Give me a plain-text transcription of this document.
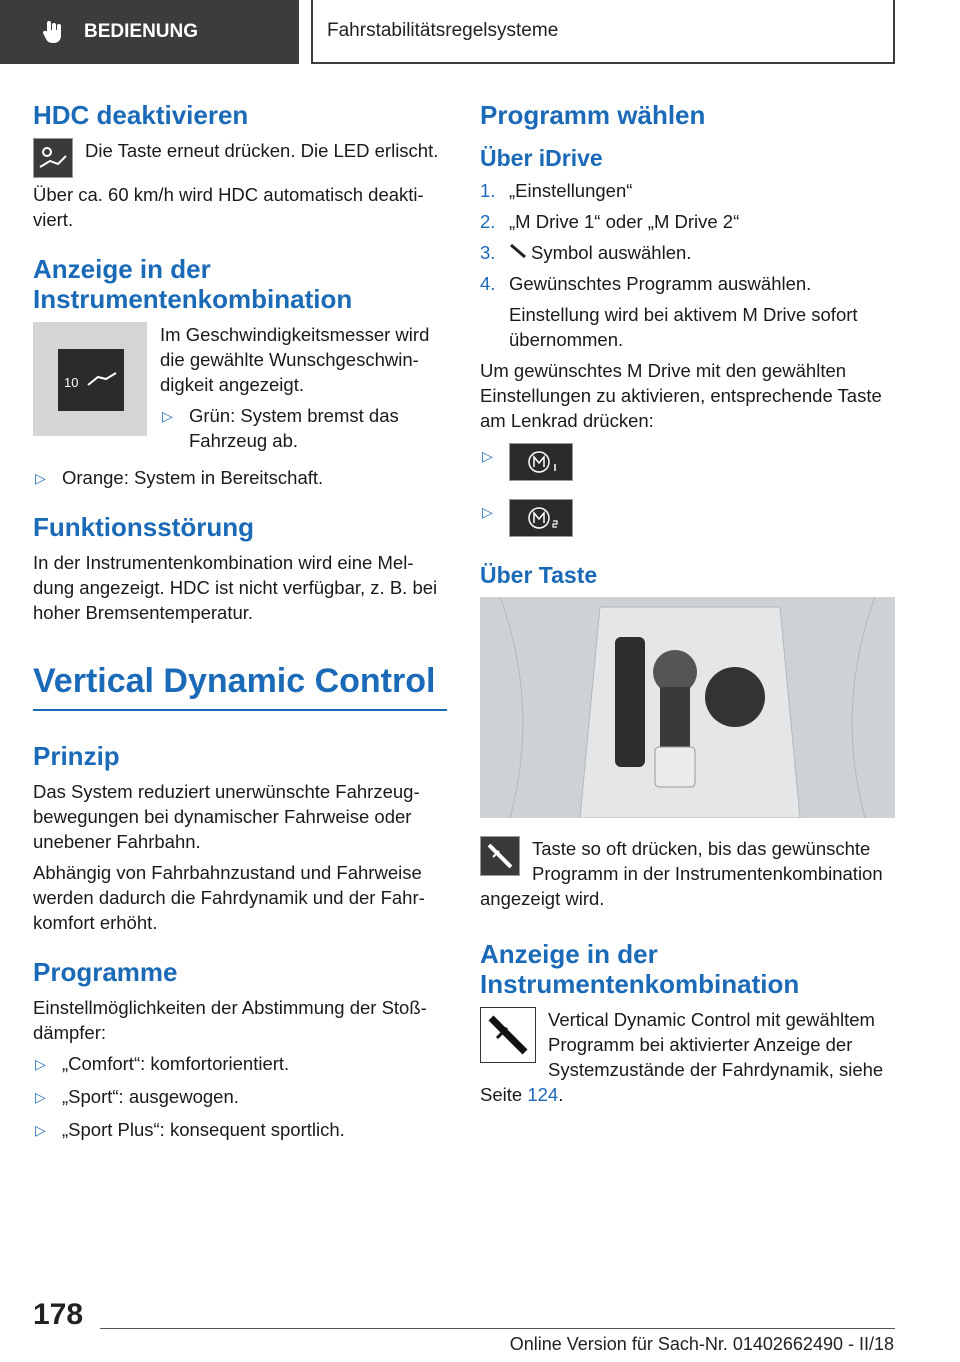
BEDIENUNG	Fahrstabilitätsregelsysteme
HDC deaktivieren

Die Taste erneut drücken. Die LED erlischt.

Über ca. 60 km/h wird HDC automatisch deaktiviert.

Anzeige in der Instrumentenkombination
10

Im Geschwindigkeitsmesser wird die gewählte Wunschgeschwindigkeit angezeigt.

▷ Grün: System bremst das Fahrzeug ab.
▷ Orange: System in Bereitschaft.
Funktionsstörung

In der Instrumentenkombination wird eine Meldung angezeigt. HDC ist nicht verfügbar, z. B. bei hoher Bremsentemperatur.

Vertical Dynamic Control
Prinzip

Das System reduziert unerwünschte Fahrzeugbewegungen bei dynamischer Fahrweise oder unebener Fahrbahn.

Abhängig von Fahrbahnzustand und Fahrweise werden dadurch die Fahrdynamik und der Fahrkomfort erhöht.

Programme

Einstellmöglichkeiten der Abstimmung der Stoßdämpfer:

▷ „Comfort“: komfortorientiert.
▷ „Sport“: ausgewogen.
▷ „Sport Plus“: konsequent sportlich.
Programm wählen
Über iDrive
1. „Einstellungen“
2. „M Drive 1“ oder „M Drive 2“
3. Symbol auswählen.
4. Gewünschtes Programm auswählen.

Einstellung wird bei aktivem M Drive sofort übernommen.

Um gewünschtes M Drive mit den gewählten Einstellungen zu aktivieren, entsprechende Taste am Lenkrad drücken:

▷
▷
Über Taste

Taste so oft drücken, bis das gewünschte Programm in der Instrumentenkombination angezeigt wird.

Anzeige in der Instrumentenkombination

Vertical Dynamic Control mit gewähltem Programm bei aktivierter Anzeige der Systemzustände der Fahrdynamik, siehe Seite 124.

178
Online Version für Sach-Nr. 01402662490 - II/18
